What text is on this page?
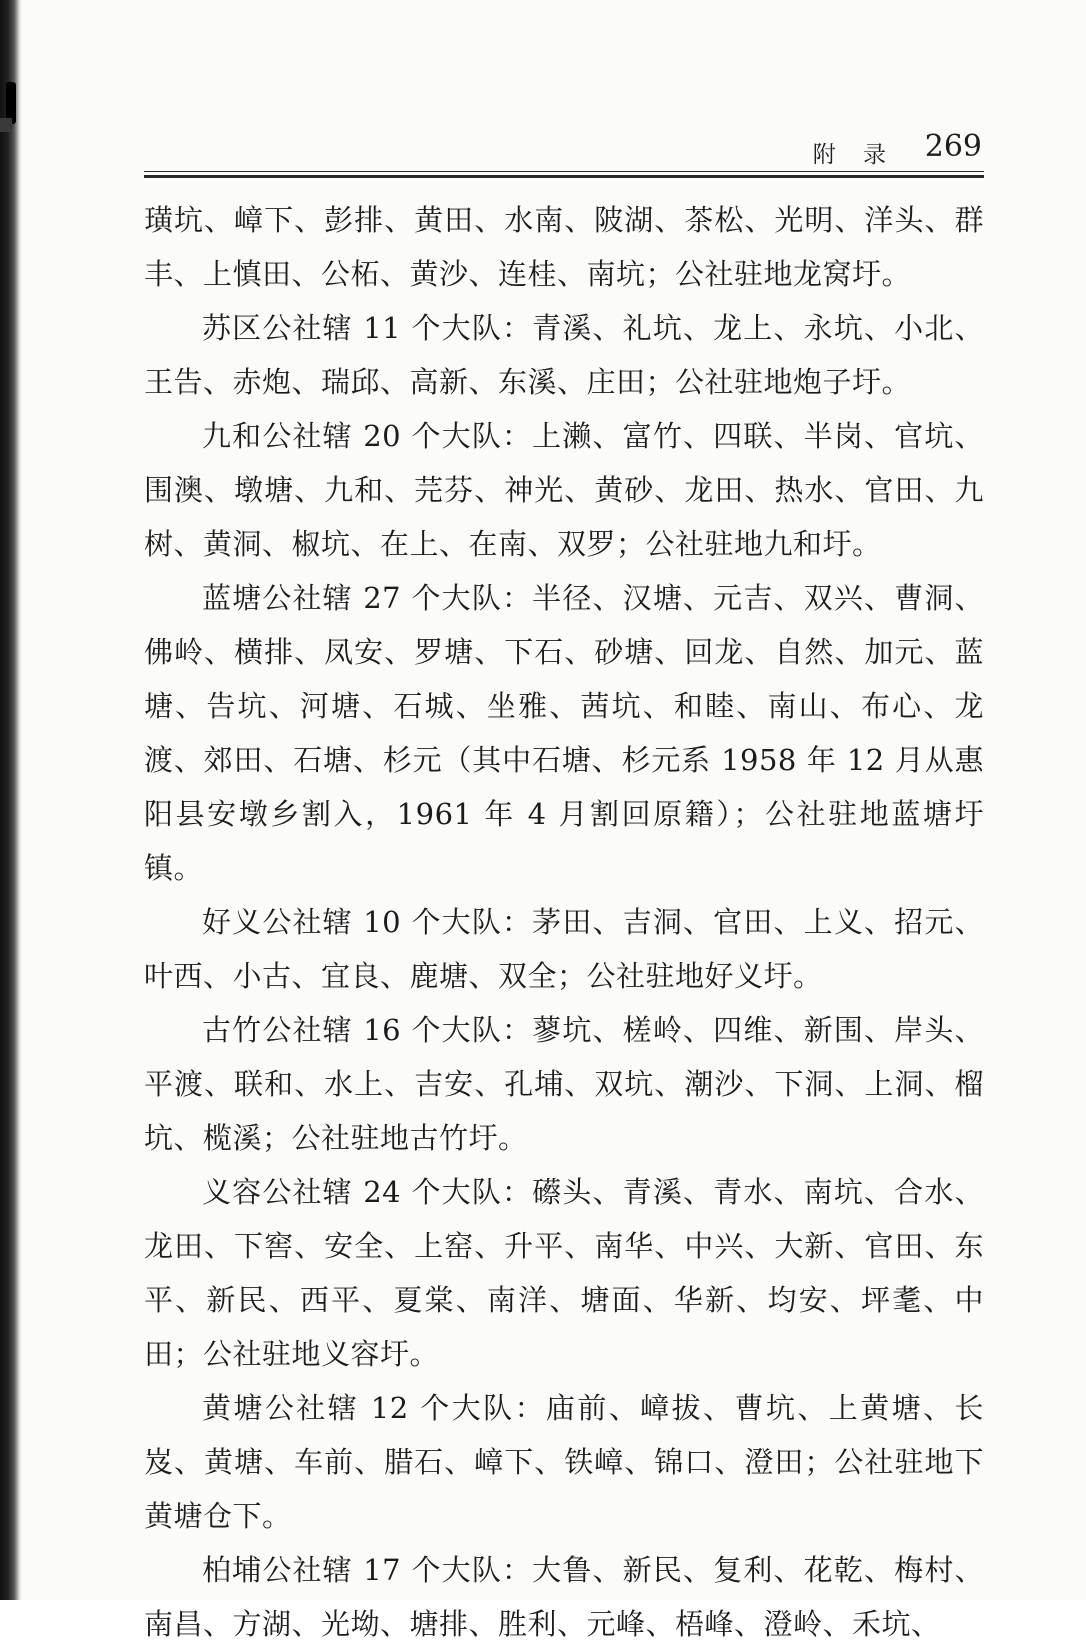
附 录 269

璜坑、嶂下、彭排、黄田、水南、陂湖、茶松、光明、洋头、群丰、上慎田、公柘、黄沙、连桂、南坑；公社驻地龙窝圩。

苏区公社辖 11 个大队：青溪、礼坑、龙上、永坑、小北、王告、赤炮、瑞邱、高新、东溪、庄田；公社驻地炮子圩。

九和公社辖 20 个大队：上濑、富竹、四联、半岗、官坑、围澳、墩塘、九和、芫芬、神光、黄砂、龙田、热水、官田、九树、黄洞、椒坑、在上、在南、双罗；公社驻地九和圩。

蓝塘公社辖 27 个大队：半径、汉塘、元吉、双兴、曹洞、佛岭、横排、凤安、罗塘、下石、砂塘、回龙、自然、加元、蓝塘、告坑、河塘、石城、坐雅、茜坑、和睦、南山、布心、龙渡、郊田、石塘、杉元（其中石塘、杉元系 1958 年 12 月从惠阳县安墩乡割入，1961 年 4 月割回原籍）；公社驻地蓝塘圩镇。

好义公社辖 10 个大队：茅田、吉洞、官田、上义、招元、叶西、小古、宜良、鹿塘、双全；公社驻地好义圩。

古竹公社辖 16 个大队：蓼坑、槎岭、四维、新围、岸头、平渡、联和、水上、吉安、孔埔、双坑、潮沙、下洞、上洞、榴坑、榄溪；公社驻地古竹圩。

义容公社辖 24 个大队：礤头、青溪、青水、南坑、合水、龙田、下窖、安全、上窑、升平、南华、中兴、大新、官田、东平、新民、西平、夏棠、南洋、塘面、华新、均安、坪耄、中田；公社驻地义容圩。

黄塘公社辖 12 个大队：庙前、嶂拔、曹坑、上黄塘、长岌、黄塘、车前、腊石、嶂下、铁嶂、锦口、澄田；公社驻地下黄塘仓下。

柏埔公社辖 17 个大队：大鲁、新民、复利、花乾、梅村、南昌、方湖、光坳、塘排、胜利、元峰、梧峰、澄岭、禾坑、
